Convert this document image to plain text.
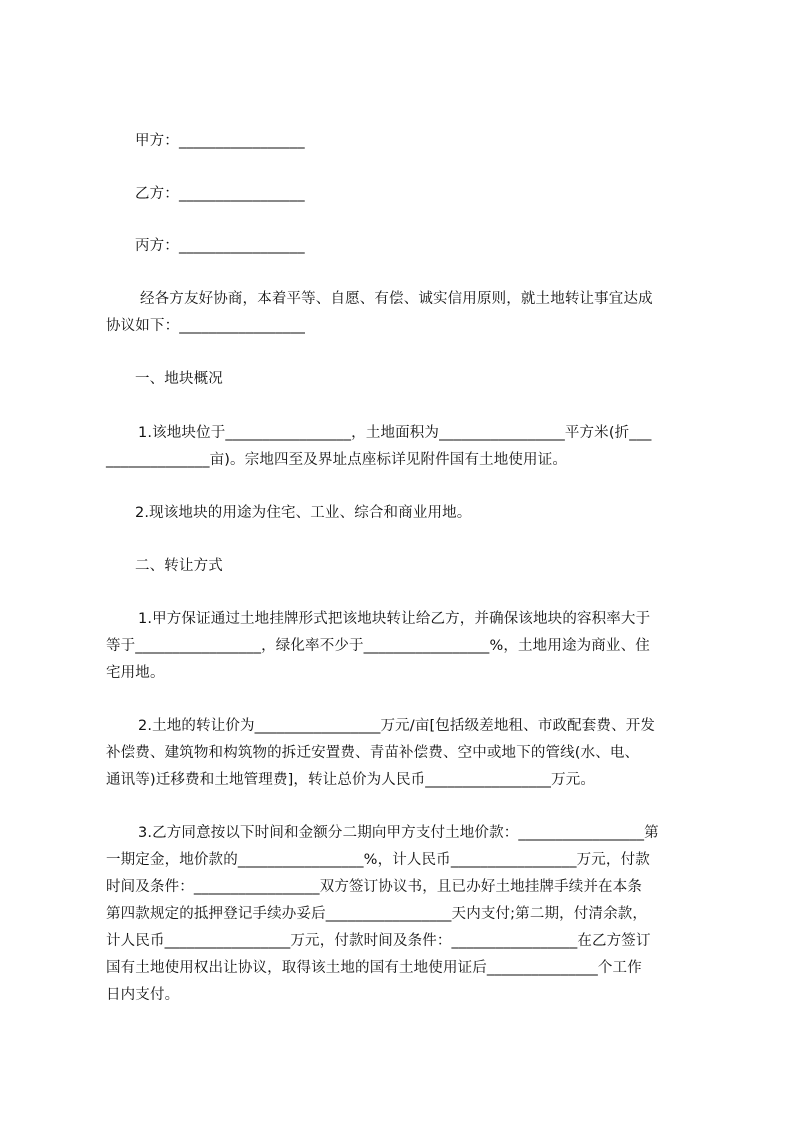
甲方：_________________
乙方：_________________
丙方：_________________
经各方友好协商，本着平等、自愿、有偿、诚实信用原则，就土地转让事宜达成
协议如下：_________________
一、地块概况
1.该地块位于_________________，土地面积为_________________平方米(折___
______________亩)。宗地四至及界址点座标详见附件国有土地使用证。
2.现该地块的用途为住宅、工业、综合和商业用地。
二、转让方式
1.甲方保证通过土地挂牌形式把该地块转让给乙方，并确保该地块的容积率大于
等于_________________，绿化率不少于_________________%，土地用途为商业、住
宅用地。
2.土地的转让价为_________________万元/亩[包括级差地租、市政配套费、开发
补偿费、建筑物和构筑物的拆迁安置费、青苗补偿费、空中或地下的管线(水、电、
通讯等)迁移费和土地管理费]，转让总价为人民币_________________万元。
3.乙方同意按以下时间和金额分二期向甲方支付土地价款：_________________第
一期定金，地价款的_________________%，计人民币_________________万元，付款
时间及条件：_________________双方签订协议书，且已办好土地挂牌手续并在本条
第四款规定的抵押登记手续办妥后_________________天内支付;第二期，付清余款，
计人民币_________________万元，付款时间及条件：_________________在乙方签订
国有土地使用权出让协议，取得该土地的国有土地使用证后_______________个工作
日内支付。
